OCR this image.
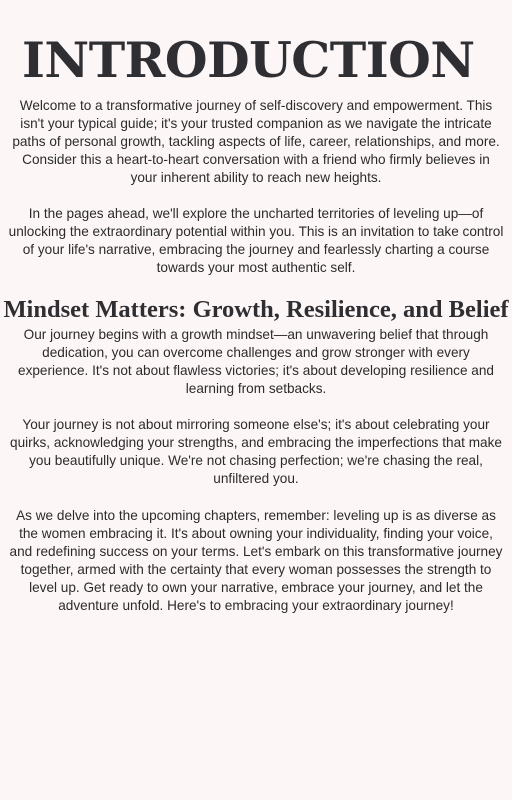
INTRODUCTION

Welcome to a transformative journey of self-discovery and empowerment. This isn't your typical guide; it's your trusted companion as we navigate the intricate paths of personal growth, tackling aspects of life, career, relationships, and more. Consider this a heart-to-heart conversation with a friend who firmly believes in your inherent ability to reach new heights.

In the pages ahead, we'll explore the uncharted territories of leveling up—of unlocking the extraordinary potential within you. This is an invitation to take control of your life's narrative, embracing the journey and fearlessly charting a course towards your most authentic self.

Mindset Matters: Growth, Resilience, and Belief

Our journey begins with a growth mindset—an unwavering belief that through dedication, you can overcome challenges and grow stronger with every experience. It's not about flawless victories; it's about developing resilience and learning from setbacks.

Your journey is not about mirroring someone else's; it's about celebrating your quirks, acknowledging your strengths, and embracing the imperfections that make you beautifully unique. We're not chasing perfection; we're chasing the real, unfiltered you.

As we delve into the upcoming chapters, remember: leveling up is as diverse as the women embracing it. It's about owning your individuality, finding your voice, and redefining success on your terms. Let's embark on this transformative journey together, armed with the certainty that every woman possesses the strength to level up. Get ready to own your narrative, embrace your journey, and let the adventure unfold. Here's to embracing your extraordinary journey!
